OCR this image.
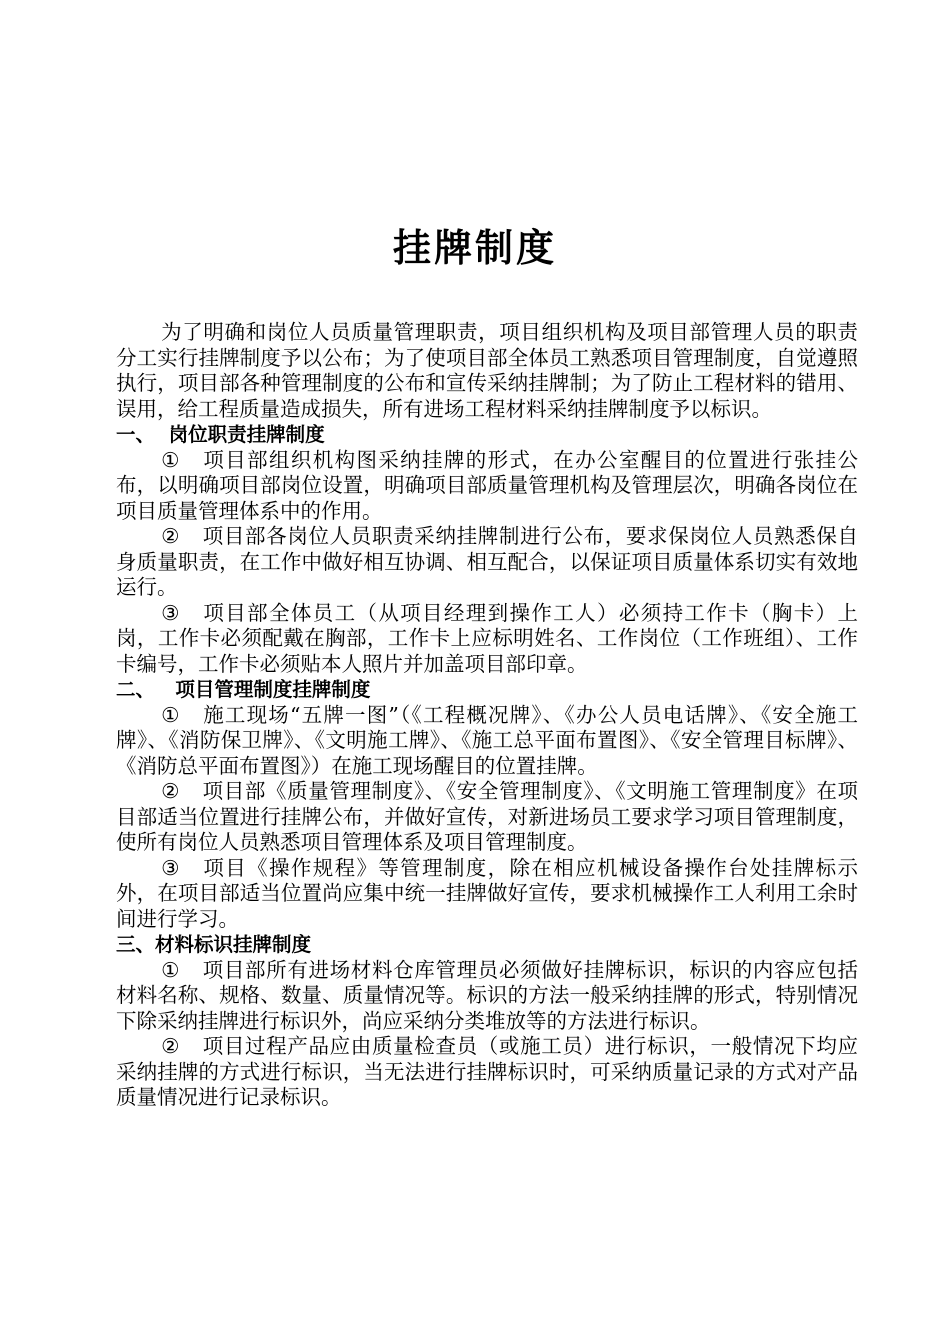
挂牌制度

为了明确和岗位人员质量管理职责，项目组织机构及项目部管理人员的职责分工实行挂牌制度予以公布；为了使项目部全体员工熟悉项目管理制度，自觉遵照执行，项目部各种管理制度的公布和宣传采纳挂牌制；为了防止工程材料的错用、误用，给工程质量造成损失，所有进场工程材料采纳挂牌制度予以标识。

一、  岗位职责挂牌制度

① 项目部组织机构图采纳挂牌的形式，在办公室醒目的位置进行张挂公布，以明确项目部岗位设置，明确项目部质量管理机构及管理层次，明确各岗位在项目质量管理体系中的作用。

② 项目部各岗位人员职责采纳挂牌制进行公布，要求保岗位人员熟悉保自身质量职责，在工作中做好相互协调、相互配合，以保证项目质量体系切实有效地运行。

③ 项目部全体员工（从项目经理到操作工人）必须持工作卡（胸卡）上岗，工作卡必须配戴在胸部，工作卡上应标明姓名、工作岗位（工作班组）、工作卡编号，工作卡必须贴本人照片并加盖项目部印章。

二、   项目管理制度挂牌制度

① 施工现场“五牌一图”（《工程概况牌》、《办公人员电话牌》、《安全施工牌》、《消防保卫牌》、《文明施工牌》、《施工总平面布置图》、《安全管理目标牌》、《消防总平面布置图》）在施工现场醒目的位置挂牌。

② 项目部《质量管理制度》、《安全管理制度》、《文明施工管理制度》在项目部适当位置进行挂牌公布，并做好宣传，对新进场员工要求学习项目管理制度，使所有岗位人员熟悉项目管理体系及项目管理制度。

③ 项目《操作规程》等管理制度，除在相应机械设备操作台处挂牌标示外，在项目部适当位置尚应集中统一挂牌做好宣传，要求机械操作工人利用工余时间进行学习。

三、材料标识挂牌制度

① 项目部所有进场材料仓库管理员必须做好挂牌标识，标识的内容应包括材料名称、规格、数量、质量情况等。标识的方法一般采纳挂牌的形式，特别情况下除采纳挂牌进行标识外，尚应采纳分类堆放等的方法进行标识。

② 项目过程产品应由质量检查员（或施工员）进行标识，一般情况下均应采纳挂牌的方式进行标识，当无法进行挂牌标识时，可采纳质量记录的方式对产品质量情况进行记录标识。
